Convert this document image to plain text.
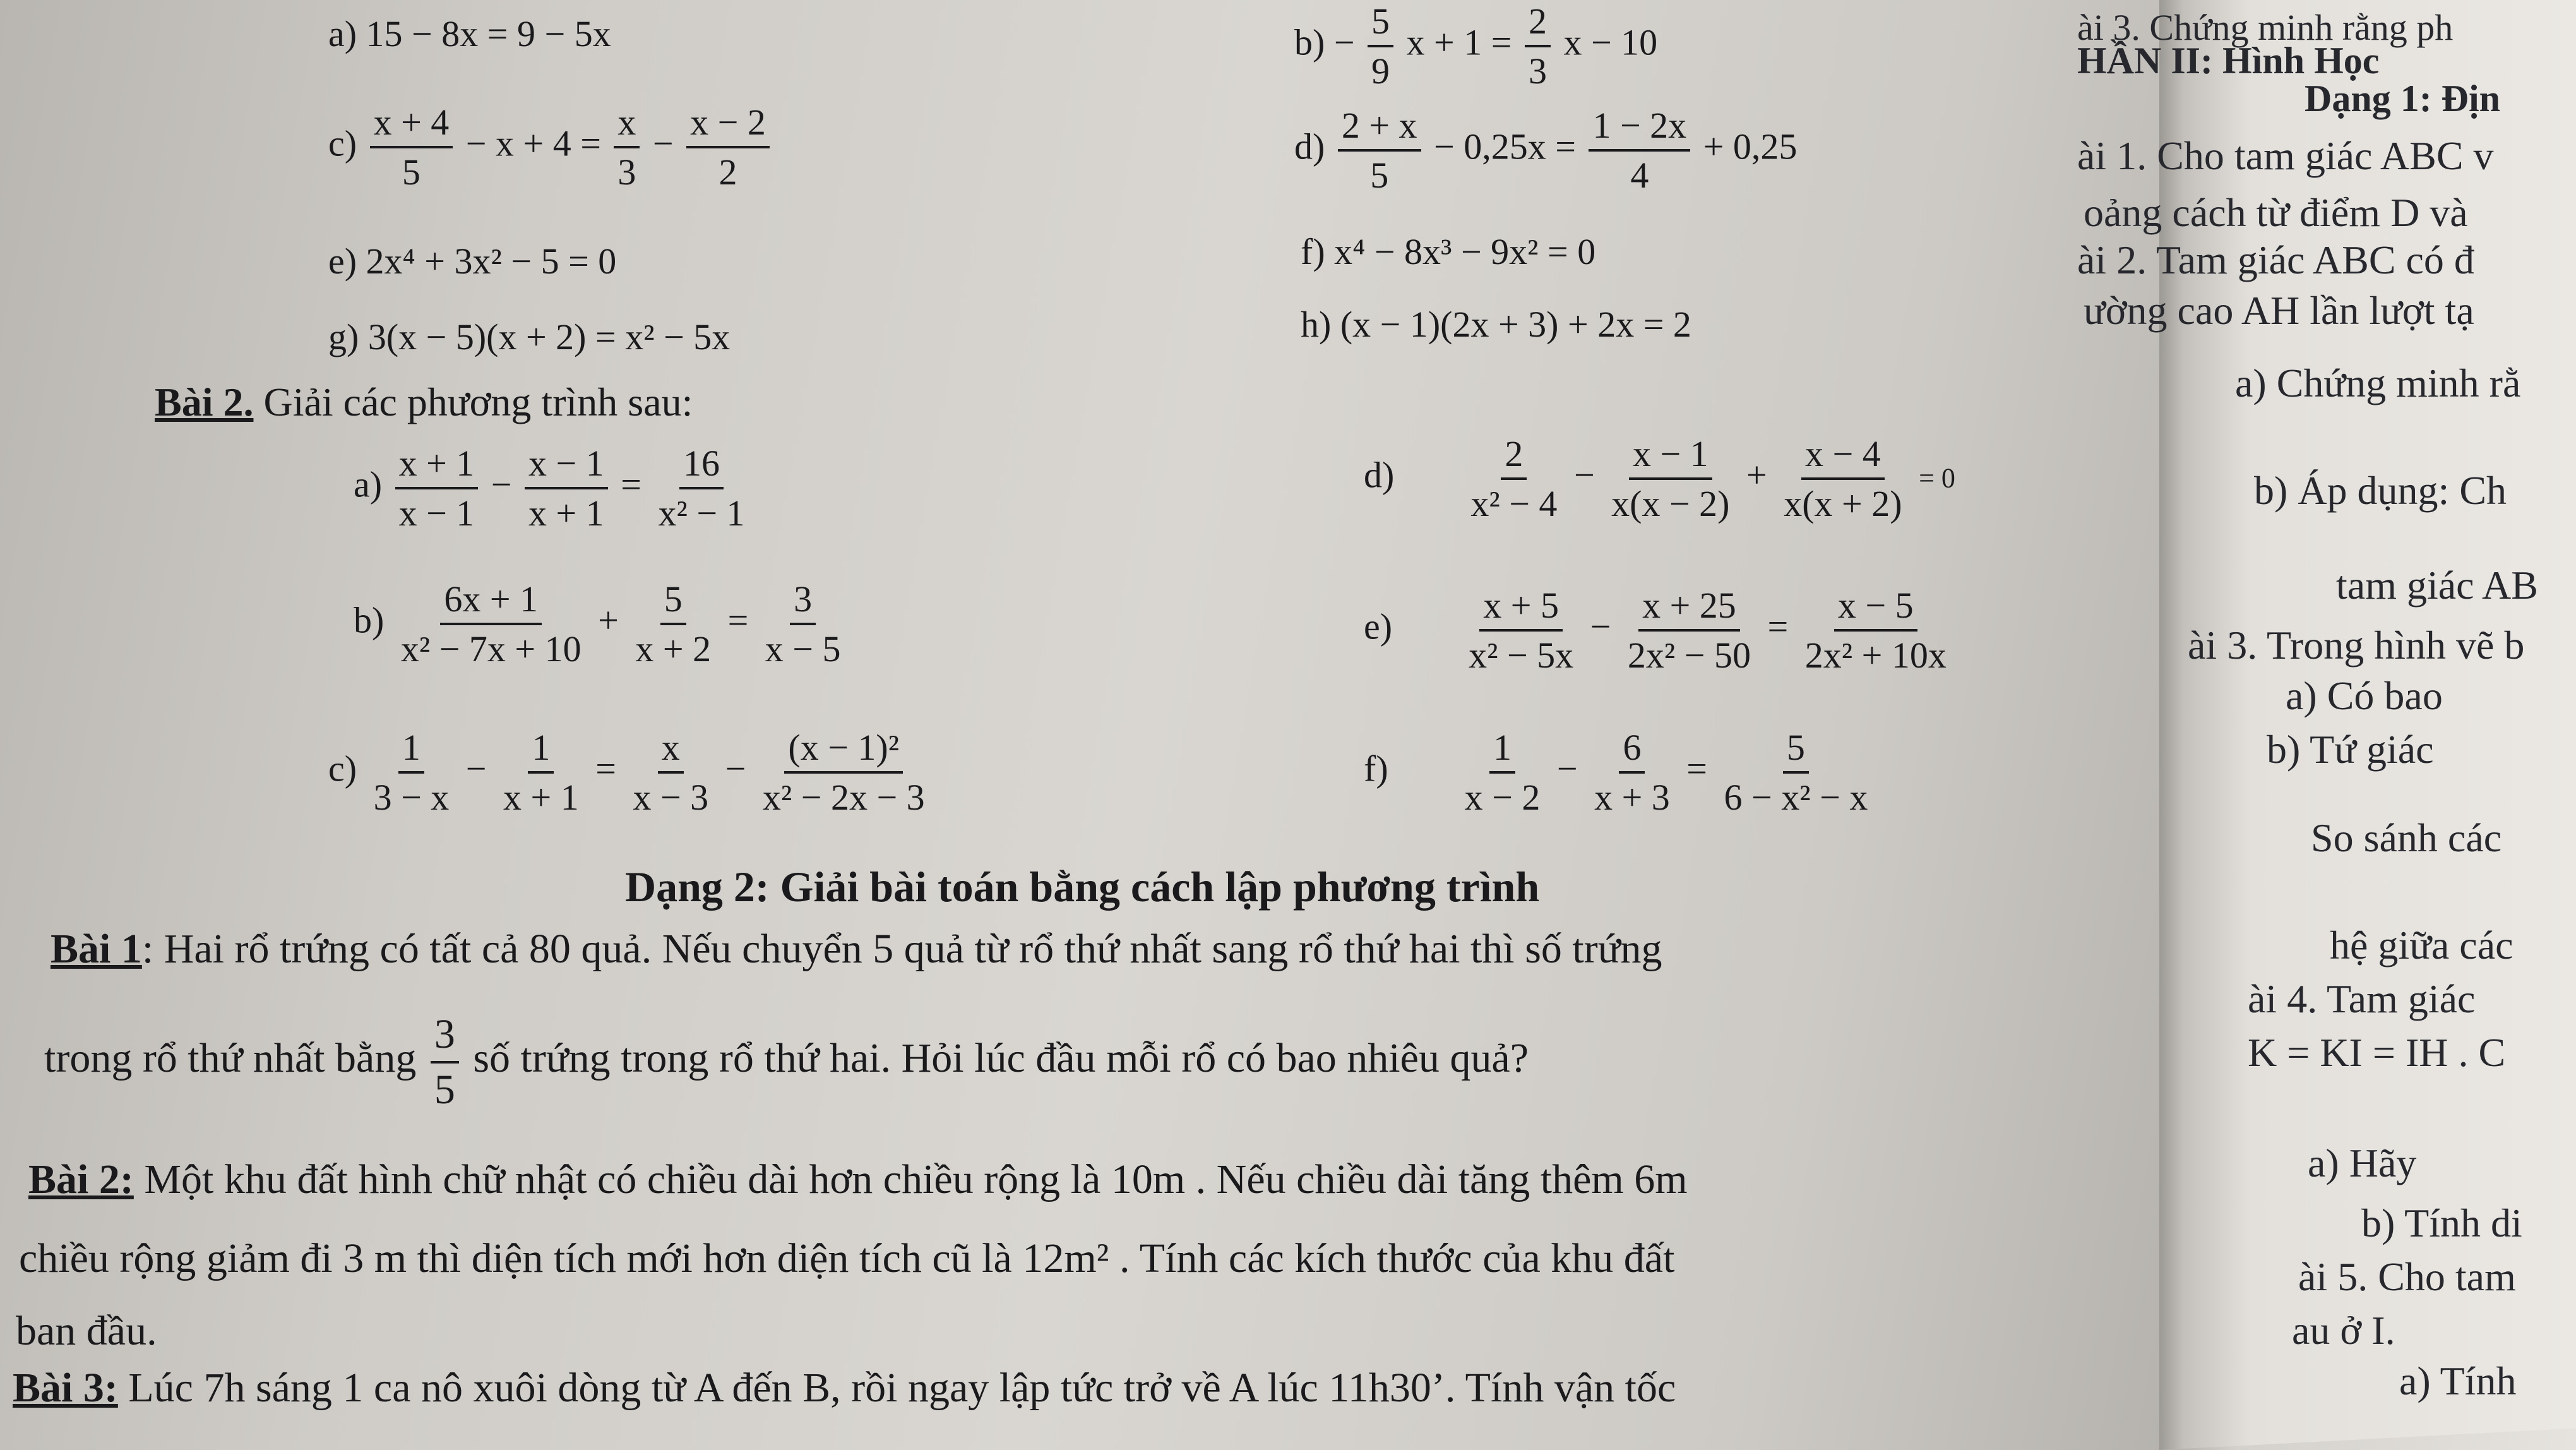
ài 3. Chứng minh rằng ph
HẦN II: Hình Học
Dạng 1: Địn
ài 1. Cho tam giác ABC v
oảng cách từ điểm D và
ài 2. Tam giác ABC có đ
ường cao AH lần lượt tạ
a) Chứng minh rằ
b) Áp dụng: Ch
tam giác AB
ài 3. Trong hình vẽ b
a) Có bao
b) Tứ giác
So sánh các
hệ giữa các
ài 4. Tam giác
K = KI = IH . C
a) Hãy
b) Tính di
ài 5. Cho tam
au ở I.
a) Tính
a) 15 − 8x = 9 − 5x	$b) - \frac{5}{9}$ $x + 1 = \frac{2}{3}$ x − 10
$c) \frac{x + 4}{5} - x + 4 = \frac{x}{3} - \frac{x - 2}{2}$	$d) \frac{2 + x}{5} - 0,25x = \frac{1 - 2x}{4} + 0,25$
e) 2x⁴ + 3x² − 5 = 0	f) x⁴ − 8x³ − 9x² = 0
g) 3(x − 5)(x + 2) = x² − 5x	h) (x − 1)(2x + 3) + 2x = 2
Bài 2. Giải các phương trình sau:
$a) \frac{x + 1}{x - 1} - \frac{x - 1}{x + 1} = \frac{16}{\text{x² − 1}}$	$d) \frac{2}{\text{x² − 4}} - \frac{x - 1}{x(x - 2)} + \frac{x - 4}{x(x + 2)} = 0$
$b) \frac{6x + 1}{\text{x² − 7x + 10}} + \frac{5}{x + 2} = \frac{3}{x - 5}$	$e) \frac{x + 5}{\text{x² − 5x}} - \frac{x + 25}{\text{2x² − 50}} = \frac{x - 5}{\text{2x² + 10x}}$
$c) \frac{1}{3 - x} - \frac{1}{x + 1} = \frac{x}{x - 3} - \frac{\text{(x − 1)²}}{\text{x² − 2x − 3}}$	$f) \frac{1}{x - 2} - \frac{6}{x + 3} = \frac{5}{\text{6 − x² − x}}$
Dạng 2: Giải bài toán bằng cách lập phương trình
Bài 1: Hai rổ trứng có tất cả 80 quả. Nếu chuyển 5 quả từ rổ thứ nhất sang rổ thứ hai thì số trứng
trong rổ thứ nhất bằng $\frac{3}{5}$ số trứng trong rổ thứ hai. Hỏi lúc đầu mỗi rổ có bao nhiêu quả?
Bài 2: Một khu đất hình chữ nhật có chiều dài hơn chiều rộng là 10m . Nếu chiều dài tăng thêm 6m
chiều rộng giảm đi 3 m thì diện tích mới hơn diện tích cũ là 12m² . Tính các kích thước của khu đất
ban đầu.
Bài 3: Lúc 7h sáng 1 ca nô xuôi dòng từ A đến B, rồi ngay lập tức trở về A lúc 11h30’. Tính vận tốc
